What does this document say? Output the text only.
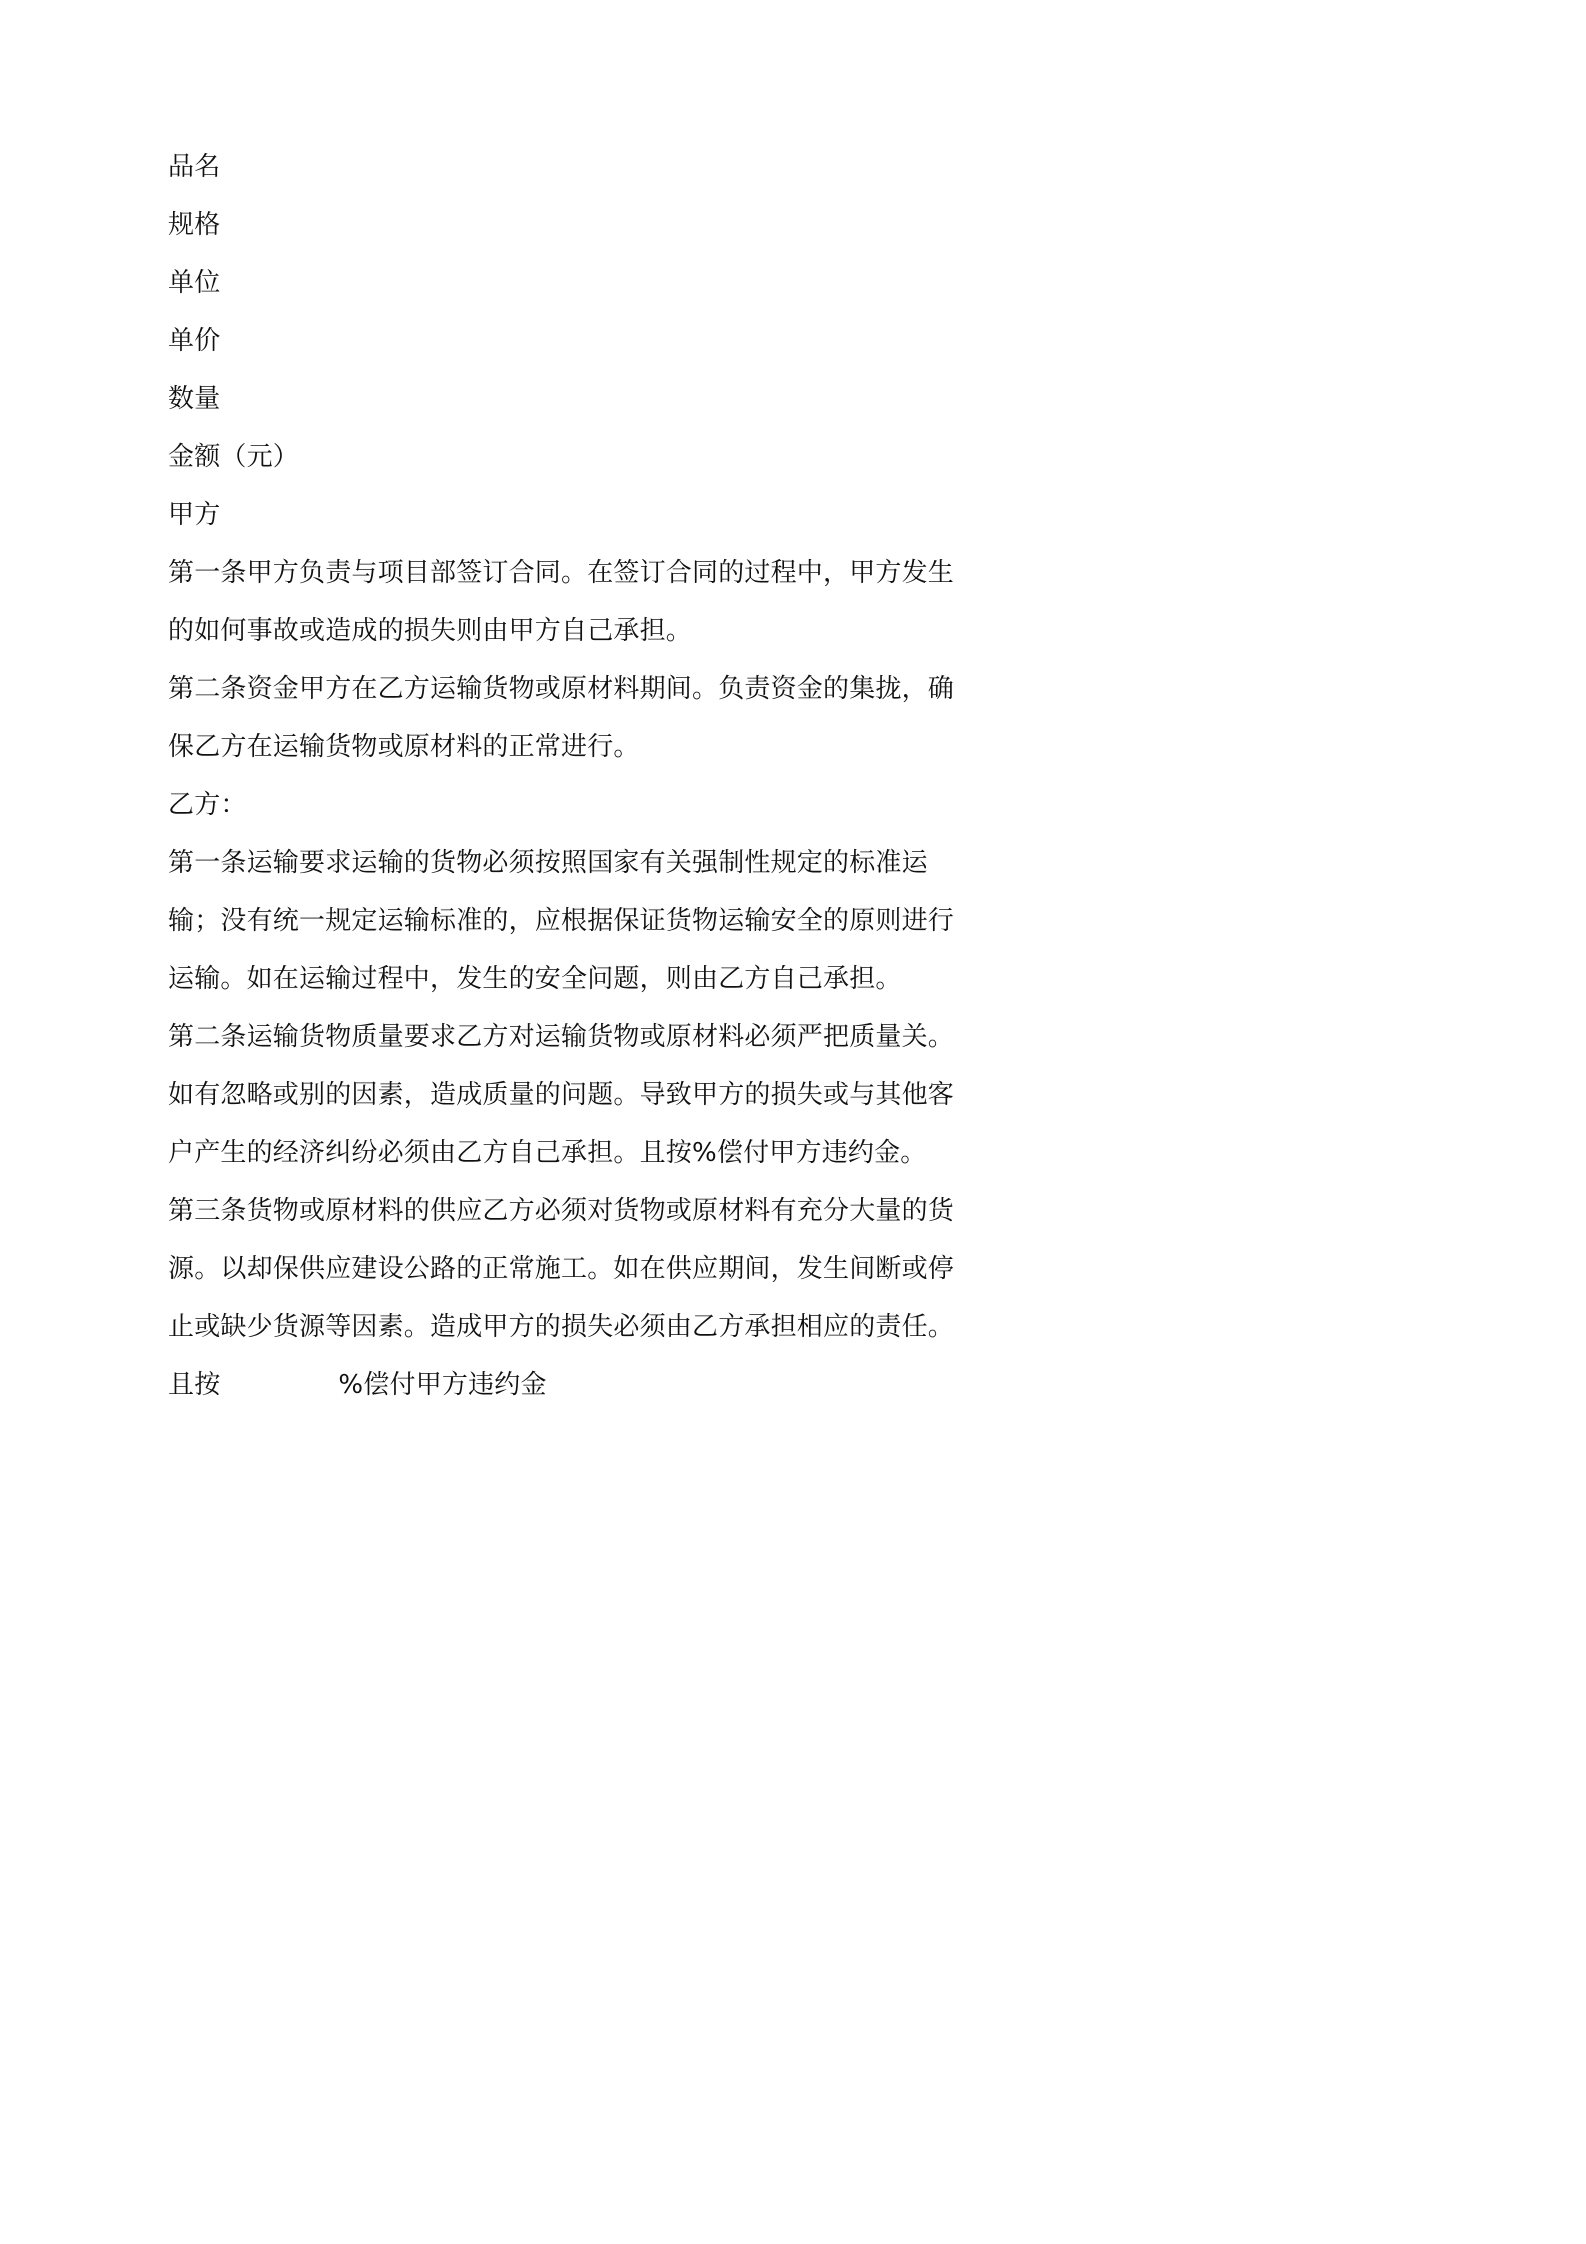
品名
规格
单位
单价
数量
金额（元）
甲方
第一条甲方负责与项目部签订合同。在签订合同的过程中，甲方发生的如何事故或造成的损失则由甲方自己承担。
第二条资金甲方在乙方运输货物或原材料期间。负责资金的集拢，确保乙方在运输货物或原材料的正常进行。
乙方：
第一条运输要求运输的货物必须按照国家有关强制性规定的标准运输；没有统一规定运输标准的，应根据保证货物运输安全的原则进行运输。如在运输过程中，发生的安全问题，则由乙方自己承担。
第二条运输货物质量要求乙方对运输货物或原材料必须严把质量关。如有忽略或别的因素，造成质量的问题。导致甲方的损失或与其他客户产生的经济纠纷必须由乙方自己承担。且按%偿付甲方违约金。
第三条货物或原材料的供应乙方必须对货物或原材料有充分大量的货源。以却保供应建设公路的正常施工。如在供应期间，发生间断或停止或缺少货源等因素。造成甲方的损失必须由乙方承担相应的责任。
且按	%偿付甲方违约金
